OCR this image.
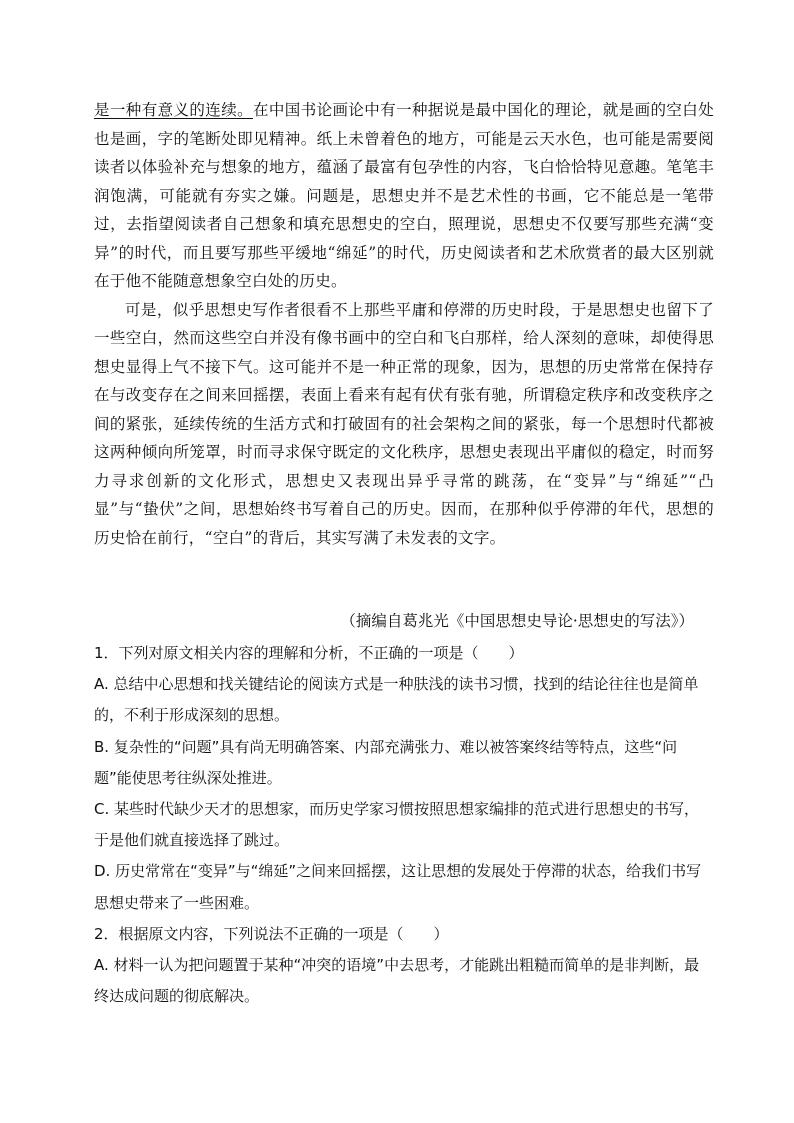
是一种有意义的连续。在中国书论画论中有一种据说是最中国化的理论，就是画的空白处也是画，字的笔断处即见精神。纸上未曾着色的地方，可能是云天水色，也可能是需要阅读者以体验补充与想象的地方，蕴涵了最富有包孕性的内容，飞白恰恰特见意趣。笔笔丰润饱满，可能就有夯实之嫌。问题是，思想史并不是艺术性的书画，它不能总是一笔带过，去指望阅读者自己想象和填充思想史的空白，照理说，思想史不仅要写那些充满“变异”的时代，而且要写那些平缓地“绵延”的时代，历史阅读者和艺术欣赏者的最大区别就在于他不能随意想象空白处的历史。

可是，似乎思想史写作者很看不上那些平庸和停滞的历史时段，于是思想史也留下了一些空白，然而这些空白并没有像书画中的空白和飞白那样，给人深刻的意味，却使得思想史显得上气不接下气。这可能并不是一种正常的现象，因为，思想的历史常常在保持存在与改变存在之间来回摇摆，表面上看来有起有伏有张有驰，所谓稳定秩序和改变秩序之间的紧张，延续传统的生活方式和打破固有的社会架构之间的紧张，每一个思想时代都被这两种倾向所笼罩，时而寻求保守既定的文化秩序，思想史表现出平庸似的稳定，时而努力寻求创新的文化形式，思想史又表现出异乎寻常的跳荡，在“变异”与“绵延”“凸显”与“蛰伏”之间，思想始终书写着自己的历史。因而，在那种似乎停滞的年代，思想的历史恰在前行，“空白”的背后，其实写满了未发表的文字。

（摘编自葛兆光《中国思想史导论·思想史的写法》）

1．下列对原文相关内容的理解和分析，不正确的一项是（　　）

A. 总结中心思想和找关键结论的阅读方式是一种肤浅的读书习惯，找到的结论往往也是简单的，不利于形成深刻的思想。

B. 复杂性的“问题”具有尚无明确答案、内部充满张力、难以被答案终结等特点，这些“问题”能使思考往纵深处推进。

C. 某些时代缺少天才的思想家，而历史学家习惯按照思想家编排的范式进行思想史的书写，于是他们就直接选择了跳过。

D. 历史常常在“变异”与“绵延”之间来回摇摆，这让思想的发展处于停滞的状态，给我们书写思想史带来了一些困难。

2．根据原文内容，下列说法不正确的一项是（　　）

A. 材料一认为把问题置于某种“冲突的语境”中去思考，才能跳出粗糙而简单的是非判断，最终达成问题的彻底解决。
